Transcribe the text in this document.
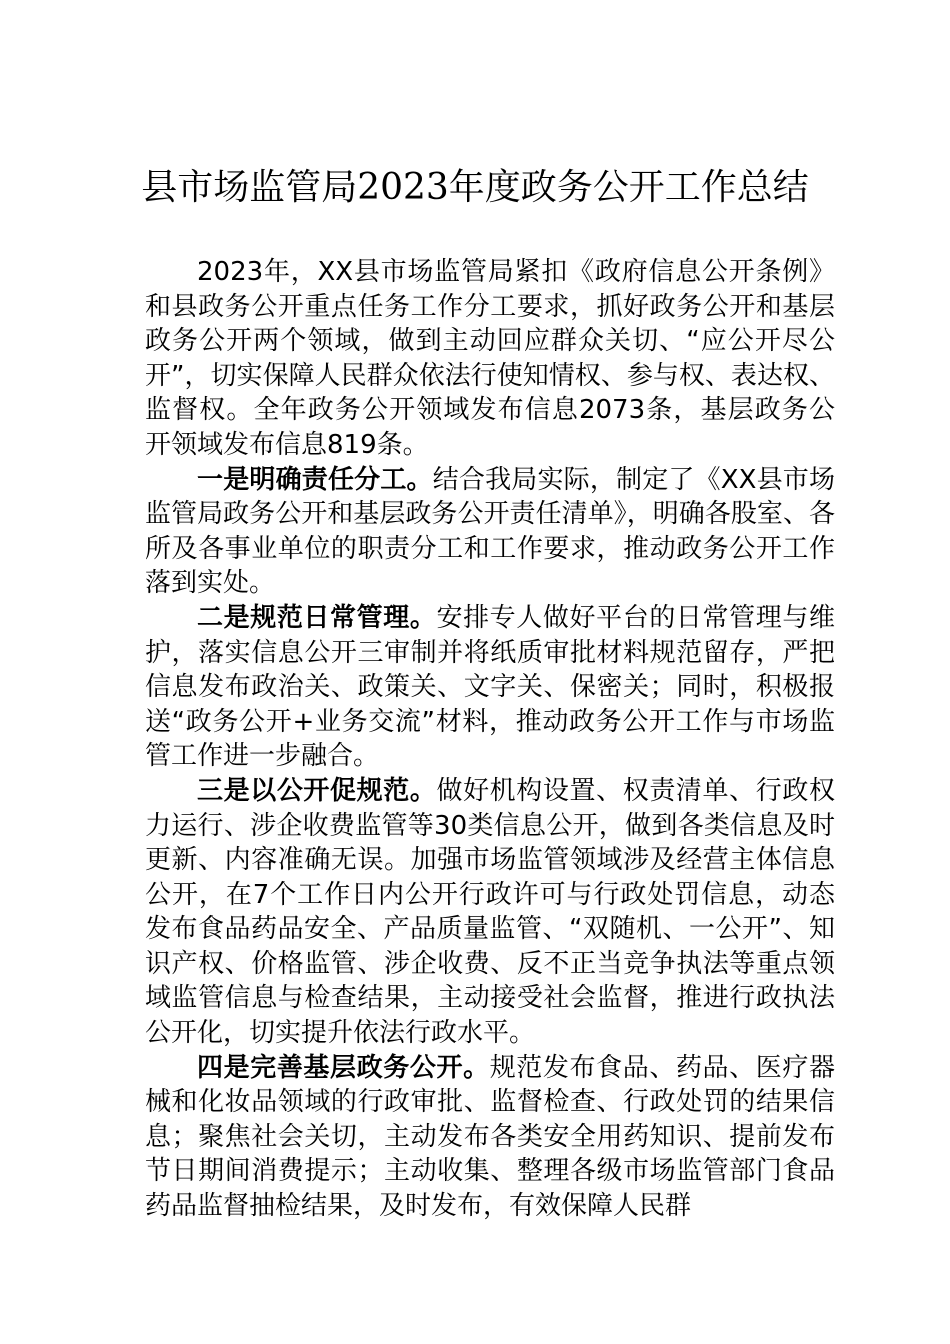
县市场监管局2023年度政务公开工作总结

2023年，XX县市场监管局紧扣《政府信息公开条例》和县政务公开重点任务工作分工要求，抓好政务公开和基层政务公开两个领域，做到主动回应群众关切、“应公开尽公开”，切实保障人民群众依法行使知情权、参与权、表达权、监督权。全年政务公开领域发布信息2073条，基层政务公开领域发布信息819条。

一是明确责任分工。结合我局实际，制定了《XX县市场监管局政务公开和基层政务公开责任清单》，明确各股室、各所及各事业单位的职责分工和工作要求，推动政务公开工作落到实处。

二是规范日常管理。安排专人做好平台的日常管理与维护，落实信息公开三审制并将纸质审批材料规范留存，严把信息发布政治关、政策关、文字关、保密关；同时，积极报送“政务公开+业务交流”材料，推动政务公开工作与市场监管工作进一步融合。

三是以公开促规范。做好机构设置、权责清单、行政权力运行、涉企收费监管等30类信息公开，做到各类信息及时更新、内容准确无误。加强市场监管领域涉及经营主体信息公开，在7个工作日内公开行政许可与行政处罚信息，动态发布食品药品安全、产品质量监管、“双随机、一公开”、知识产权、价格监管、涉企收费、反不正当竞争执法等重点领域监管信息与检查结果，主动接受社会监督，推进行政执法公开化，切实提升依法行政水平。

四是完善基层政务公开。规范发布食品、药品、医疗器械和化妆品领域的行政审批、监督检查、行政处罚的结果信息；聚焦社会关切，主动发布各类安全用药知识、提前发布节日期间消费提示；主动收集、整理各级市场监管部门食品药品监督抽检结果，及时发布，有效保障人民群
